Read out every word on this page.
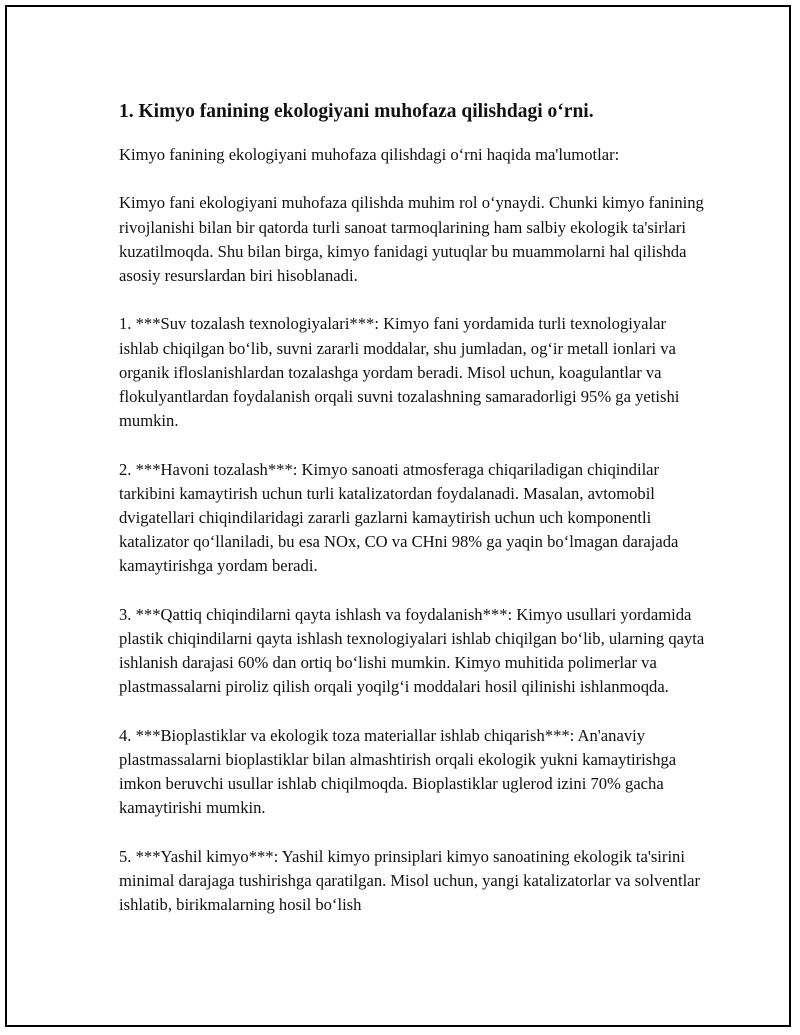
1. Kimyo fanining ekologiyani muhofaza qilishdagi o‘rni.

Kimyo fanining ekologiyani muhofaza qilishdagi o‘rni haqida ma'lumotlar:

Kimyo fani ekologiyani muhofaza qilishda muhim rol o‘ynaydi. Chunki kimyo fanining rivojlanishi bilan bir qatorda turli sanoat tarmoqlarining ham salbiy ekologik ta'sirlari kuzatilmoqda. Shu bilan birga, kimyo fanidagi yutuqlar bu muammolarni hal qilishda asosiy resurslardan biri hisoblanadi.

1. ***Suv tozalash texnologiyalari***: Kimyo fani yordamida turli texnologiyalar ishlab chiqilgan bo‘lib, suvni zararli moddalar, shu jumladan, og‘ir metall ionlari va organik ifloslanishlardan tozalashga yordam beradi. Misol uchun, koagulantlar va flokulyantlardan foydalanish orqali suvni tozalashning samaradorligi 95% ga yetishi mumkin.

2. ***Havoni tozalash***: Kimyo sanoati atmosferaga chiqariladigan chiqindilar tarkibini kamaytirish uchun turli katalizatordan foydalanadi. Masalan, avtomobil dvigatellari chiqindilaridagi zararli gazlarni kamaytirish uchun uch komponentli katalizator qo‘llaniladi, bu esa NOx, CO va CHni 98% ga yaqin bo‘lmagan darajada kamaytirishga yordam beradi.

3. ***Qattiq chiqindilarni qayta ishlash va foydalanish***: Kimyo usullari yordamida plastik chiqindilarni qayta ishlash texnologiyalari ishlab chiqilgan bo‘lib, ularning qayta ishlanish darajasi 60% dan ortiq bo‘lishi mumkin. Kimyo muhitida polimerlar va plastmassalarni piroliz qilish orqali yoqilg‘i moddalari hosil qilinishi ishlanmoqda.

4. ***Bioplastiklar va ekologik toza materiallar ishlab chiqarish***: An'anaviy plastmassalarni bioplastiklar bilan almashtirish orqali ekologik yukni kamaytirishga imkon beruvchi usullar ishlab chiqilmoqda. Bioplastiklar uglerod izini 70% gacha kamaytirishi mumkin.

5. ***Yashil kimyo***: Yashil kimyo prinsiplari kimyo sanoatining ekologik ta'sirini minimal darajaga tushirishga qaratilgan. Misol uchun, yangi katalizatorlar va solventlar ishlatib, birikmalarning hosil bo‘lish
